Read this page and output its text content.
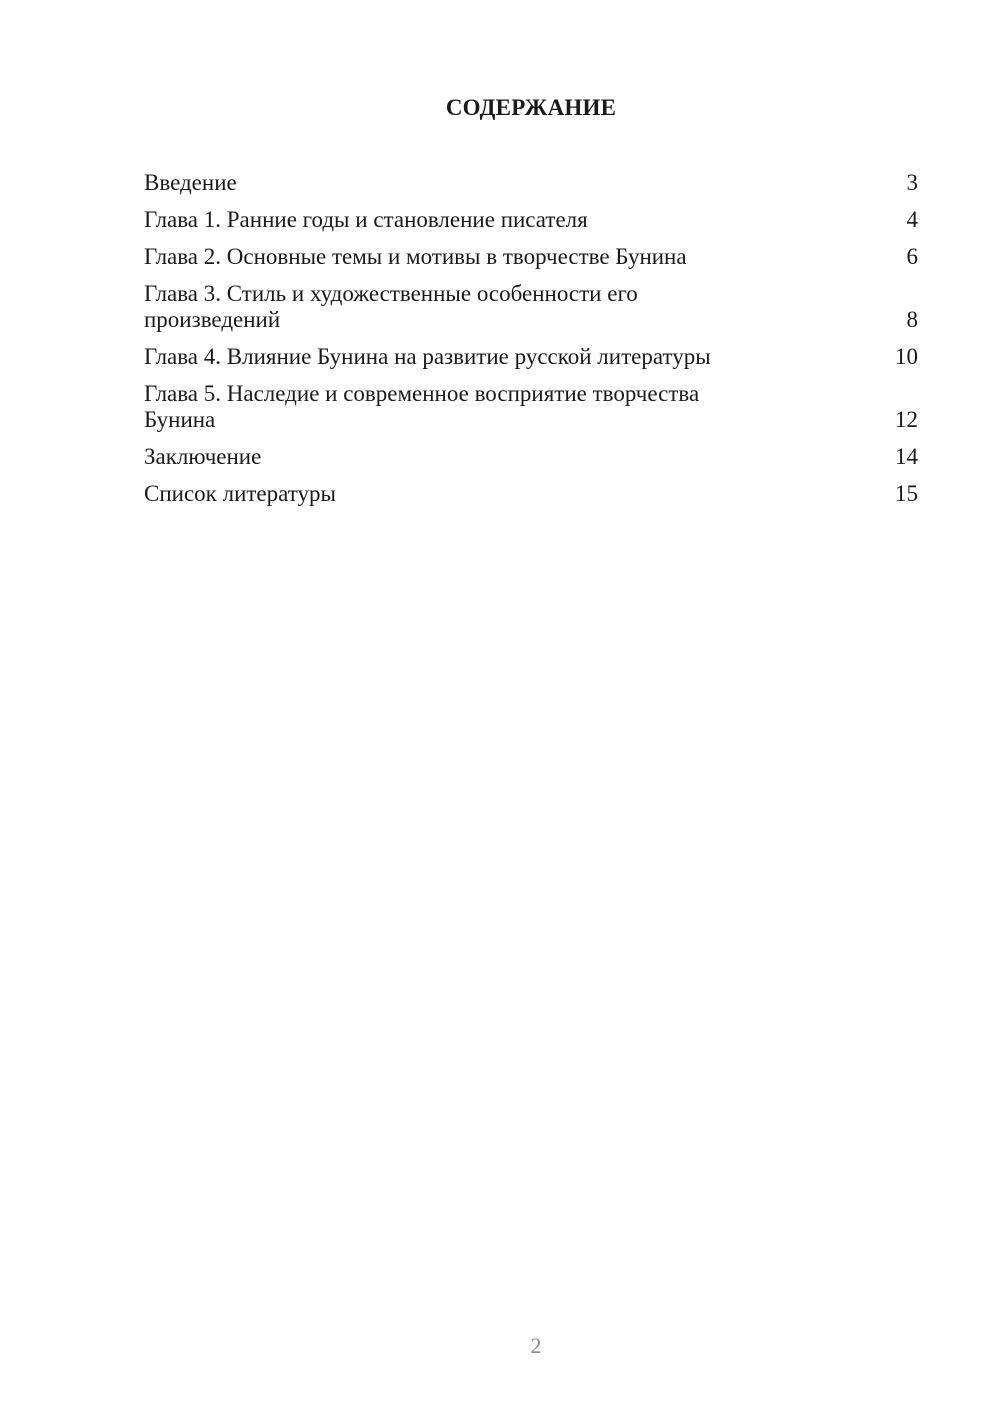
СОДЕРЖАНИЕ
Введение	3
Глава 1. Ранние годы и становление писателя	4
Глава 2. Основные темы и мотивы в творчестве Бунина	6
Глава 3. Стиль и художественные особенности его произведений	8
Глава 4. Влияние Бунина на развитие русской литературы	10
Глава 5. Наследие и современное восприятие творчества Бунина	12
Заключение	14
Список литературы	15
2
